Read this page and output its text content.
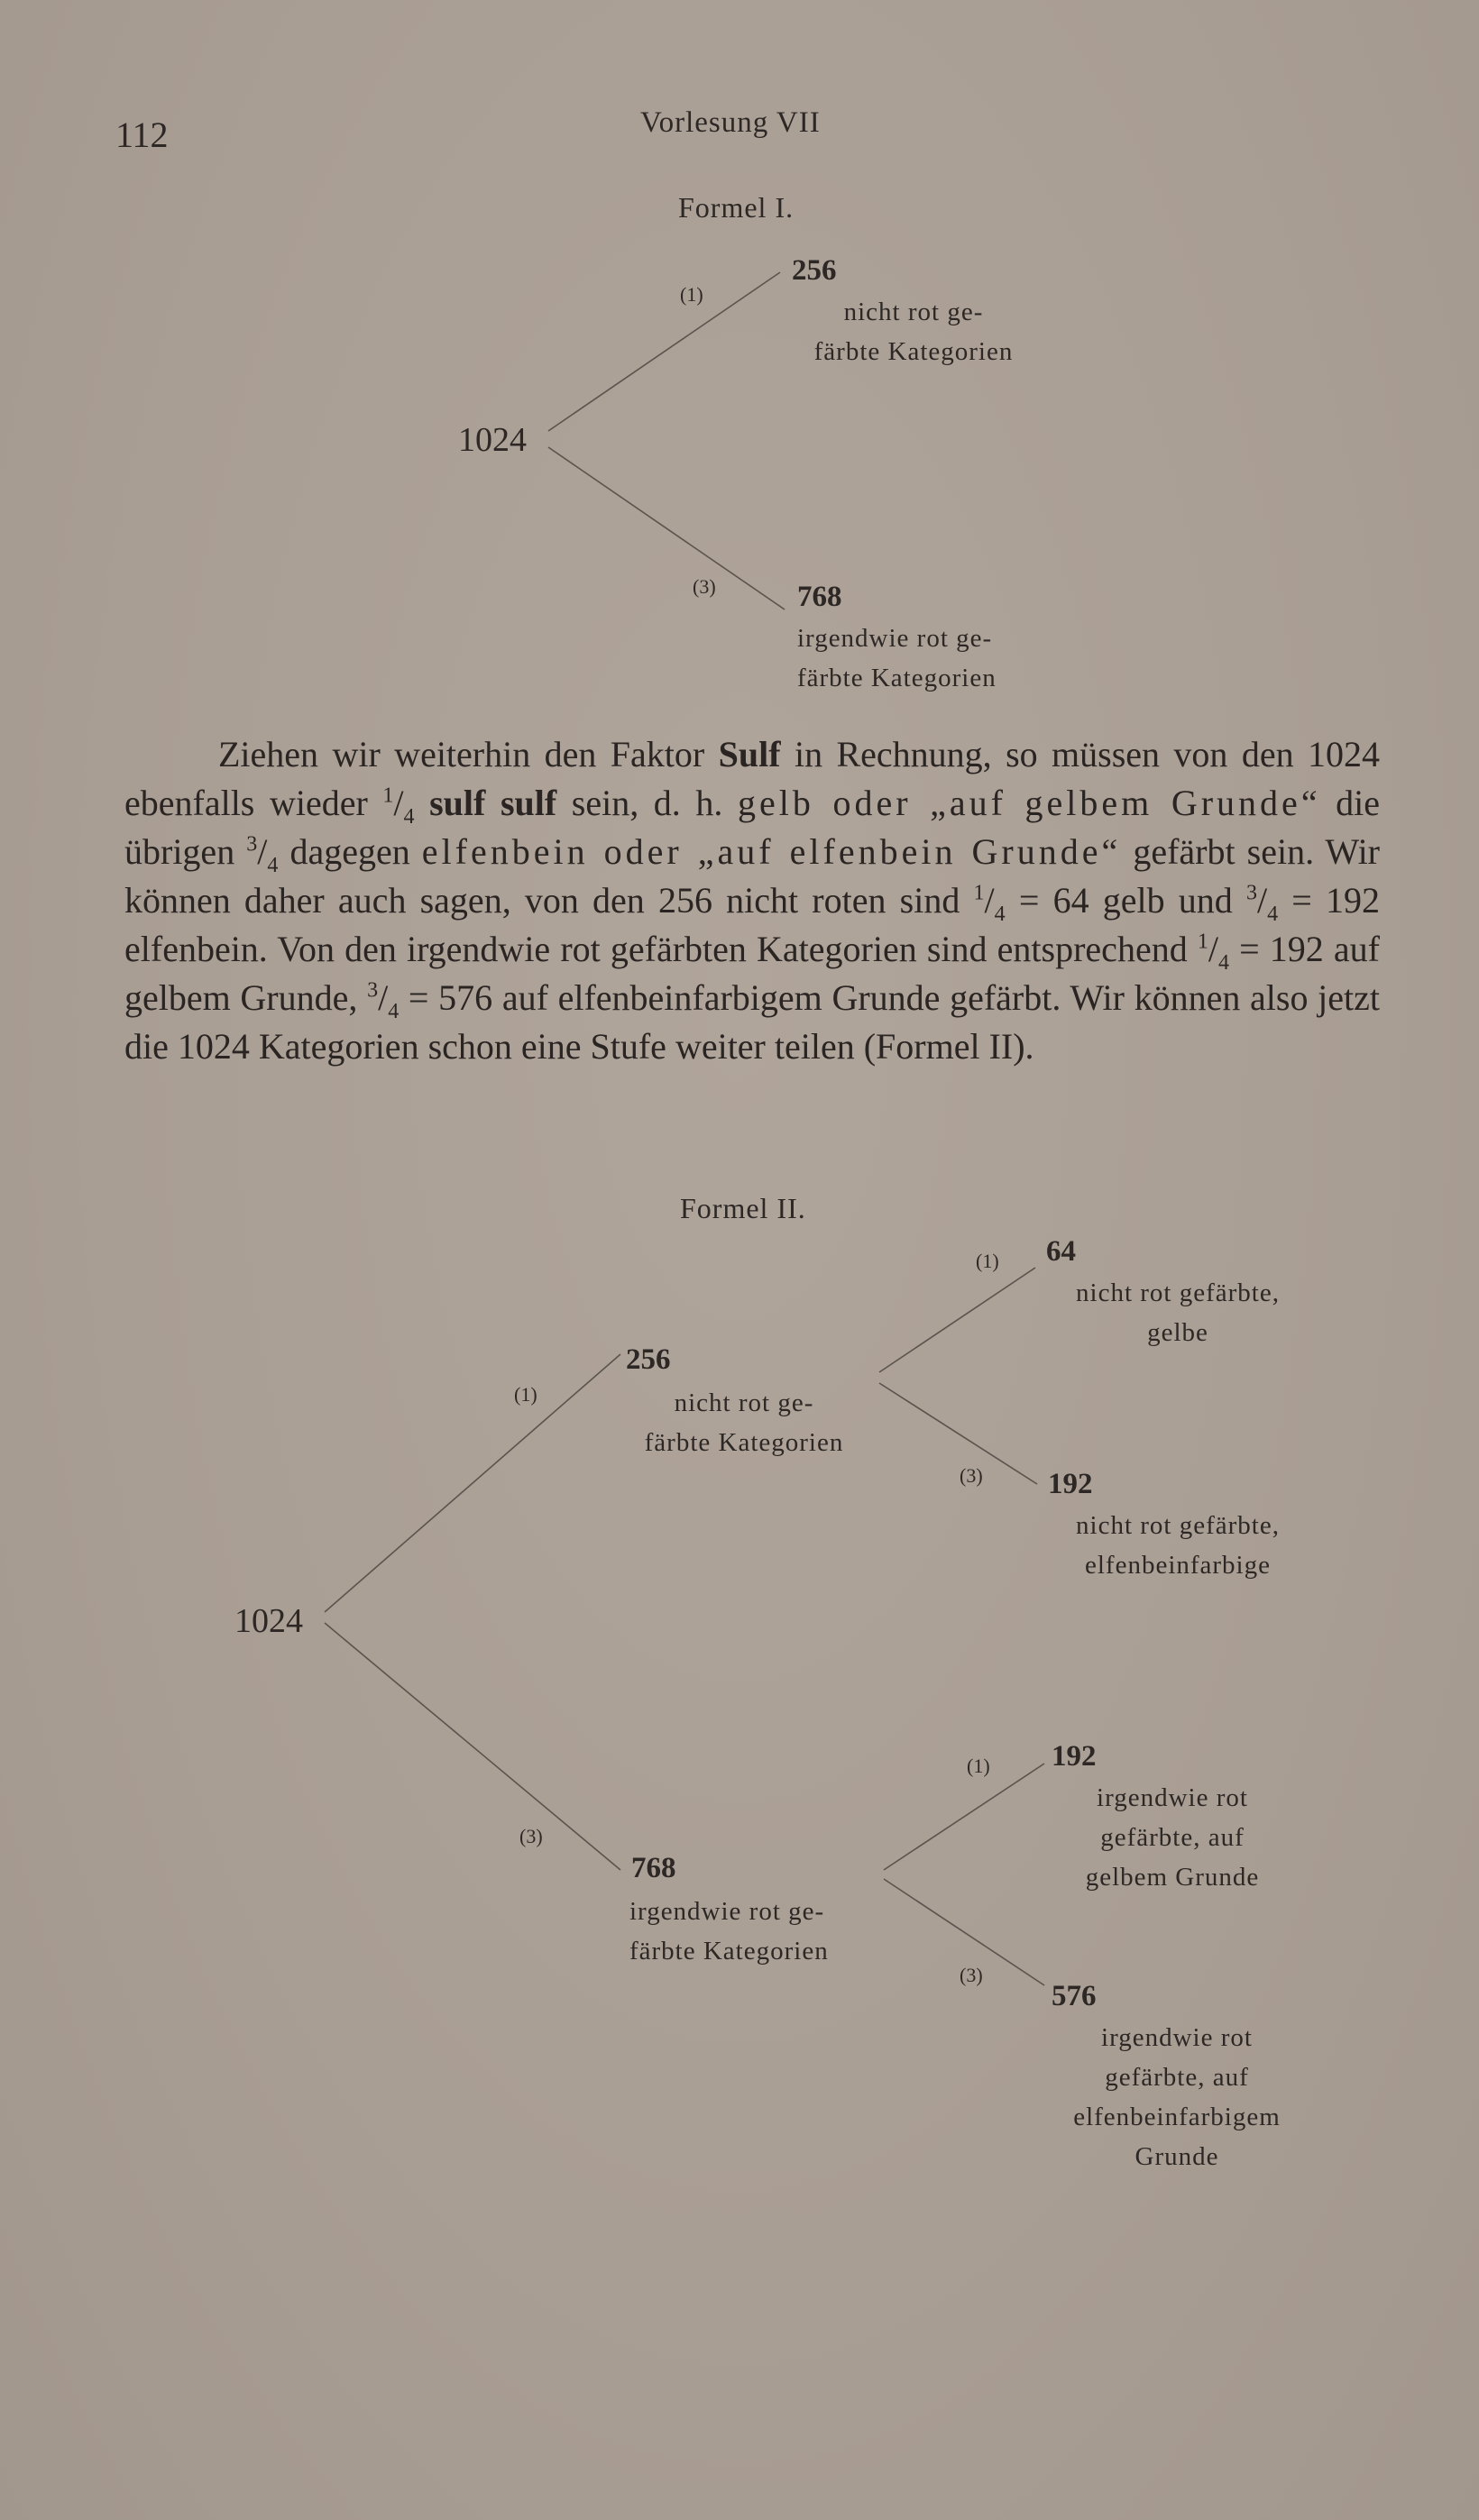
112	Vorlesung VII
Formel I.
1024
(1)
256
nicht rot ge-
färbte Kategorien
(3)	768
irgendwie rot ge-
färbte Kategorien

Ziehen wir weiterhin den Faktor Sulf in Rechnung, so müssen von den 1024 ebenfalls wieder $^1/_4$ sulf sulf sein, d. h. gelb oder „auf gelbem Grunde“ die übrigen $^3/_4$ dagegen elfenbein oder „auf elfenbein Grunde“ gefärbt sein. Wir können daher auch sagen, von den 256 nicht roten sind $^1/_4 = 64$ gelb und $^3/_4 = 192$ elfenbein. Von den irgendwie rot gefärbten Kategorien sind entsprechend $^1/_4 = 192$ auf gelbem Grunde, $^3/_4 = 576$ auf elfenbeinfarbigem Grunde gefärbt. Wir können also jetzt die 1024 Kategorien schon eine Stufe weiter teilen (Formel II).

Formel II.
1024
(1)
256
nicht rot ge-
färbte Kategorien
(3)
768
irgendwie rot ge-
färbte Kategorien
(1) 64
nicht rot gefärbte,
gelbe
(3) 192
nicht rot gefärbte,
elfenbeinfarbige
(1) 192
irgendwie rot
gefärbte, auf
gelbem Grunde
(3)
576
irgendwie rot
gefärbte, auf
elfenbeinfarbigem
Grunde
